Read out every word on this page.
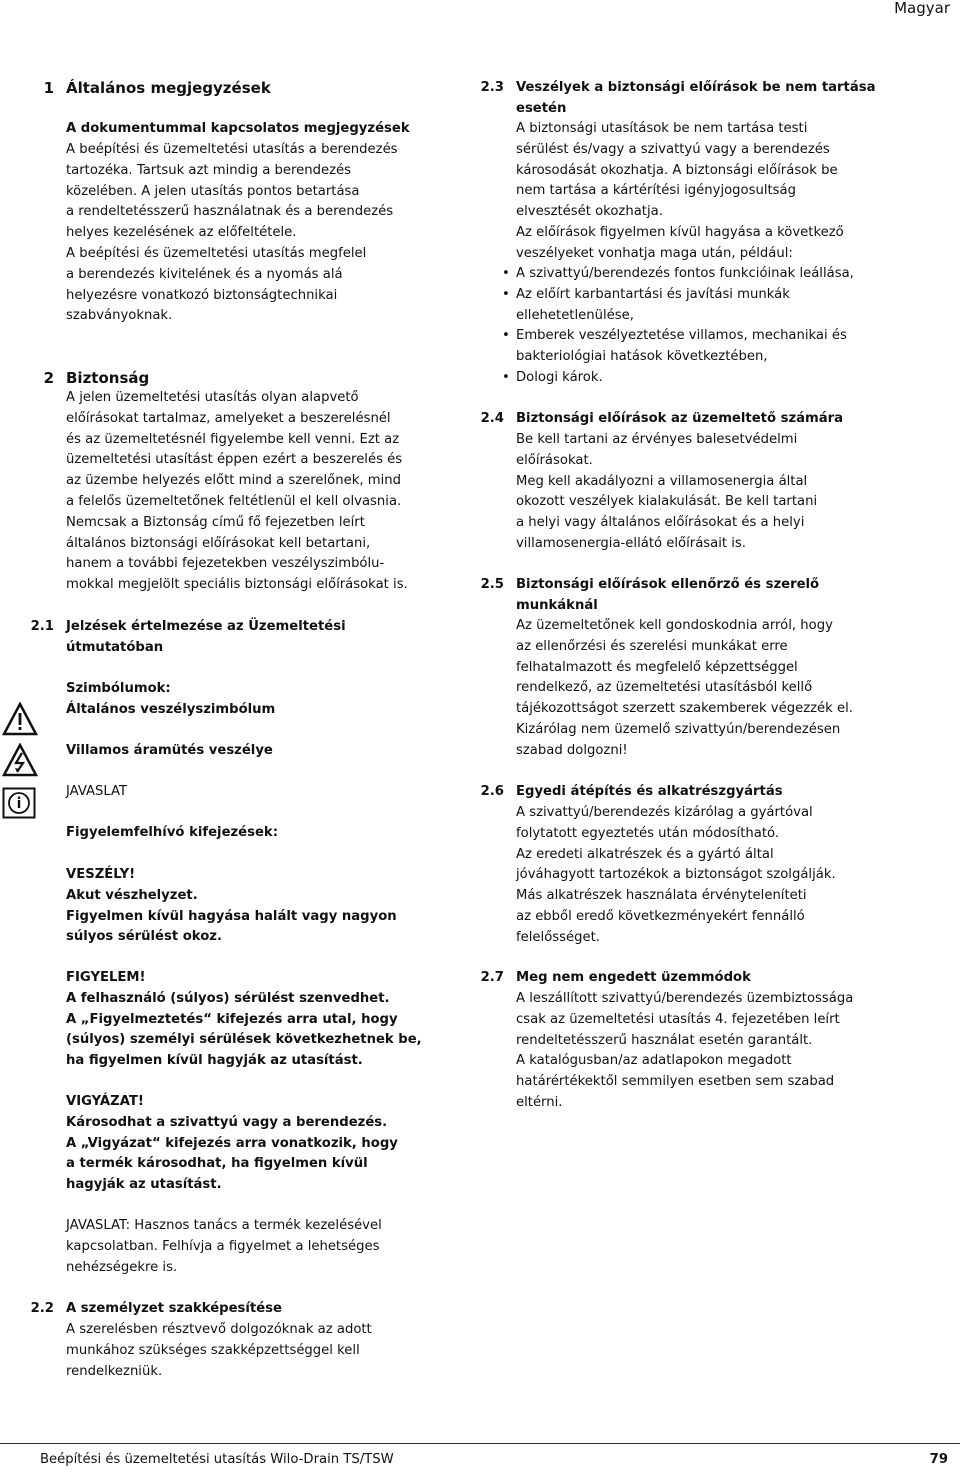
Magyar
1 Általános megjegyzések
A dokumentummal kapcsolatos megjegyzések
A beépítési és üzemeltetési utasítás a berendezés
tartozéka. Tartsuk azt mindig a berendezés
közelében. A jelen utasítás pontos betartása
a rendeltetésszerű használatnak és a berendezés
helyes kezelésének az előfeltétele.
A beépítési és üzemeltetési utasítás megfelel
a berendezés kivitelének és a nyomás alá
helyezésre vonatkozó biztonságtechnikai
szabványoknak.
2 Biztonság
A jelen üzemeltetési utasítás olyan alapvető
előírásokat tartalmaz, amelyeket a beszerelésnél
és az üzemeltetésnél figyelembe kell venni. Ezt az
üzemeltetési utasítást éppen ezért a beszerelés és
az üzembe helyezés előtt mind a szerelőnek, mind
a felelős üzemeltetőnek feltétlenül el kell olvasnia.
Nemcsak a Biztonság című fő fejezetben leírt
általános biztonsági előírásokat kell betartani,
hanem a további fejezetekben veszélyszimbólu-
mokkal megjelölt speciális biztonsági előírásokat is.
2.1 Jelzések értelmezése az Üzemeltetési
útmutatóban
Szimbólumok:
Általános veszélyszimbólum
Villamos áramütés veszélye
JAVASLAT
Figyelemfelhívó kifejezések:
VESZÉLY!
Akut vészhelyzet.
Figyelmen kívül hagyása halált vagy nagyon
súlyos sérülést okoz.
FIGYELEM!
A felhasználó (súlyos) sérülést szenvedhet.
A „Figyelmeztetés“ kifejezés arra utal, hogy
(súlyos) személyi sérülések következhetnek be,
ha figyelmen kívül hagyják az utasítást.
VIGYÁZAT!
Károsodhat a szivattyú vagy a berendezés.
A „Vigyázat“ kifejezés arra vonatkozik, hogy
a termék károsodhat, ha figyelmen kívül
hagyják az utasítást.
JAVASLAT: Hasznos tanács a termék kezelésével
kapcsolatban. Felhívja a figyelmet a lehetséges
nehézségekre is.
2.2 A személyzet szakképesítése
A szerelésben résztvevő dolgozóknak az adott
munkához szükséges szakképzettséggel kell
rendelkezniük.
2.3 Veszélyek a biztonsági előírások be nem tartása
esetén
A biztonsági utasítások be nem tartása testi
sérülést és/vagy a szivattyú vagy a berendezés
károsodását okozhatja. A biztonsági előírások be
nem tartása a kártérítési igényjogosultság
elvesztését okozhatja.
Az előírások figyelmen kívül hagyása a következő
veszélyeket vonhatja maga után, például:
• A szivattyú/berendezés fontos funkcióinak leállása,
• Az előírt karbantartási és javítási munkák
ellehetetlenülése,
• Emberek veszélyeztetése villamos, mechanikai és
bakteriológiai hatások következtében,
• Dologi károk.
2.4 Biztonsági előírások az üzemeltető számára
Be kell tartani az érvényes balesetvédelmi
előírásokat.
Meg kell akadályozni a villamosenergia által
okozott veszélyek kialakulását. Be kell tartani
a helyi vagy általános előírásokat és a helyi
villamosenergia-ellátó előírásait is.
2.5 Biztonsági előírások ellenőrző és szerelő
munkáknál
Az üzemeltetőnek kell gondoskodnia arról, hogy
az ellenőrzési és szerelési munkákat erre
felhatalmazott és megfelelő képzettséggel
rendelkező, az üzemeltetési utasításból kellő
tájékozottságot szerzett szakemberek végezzék el.
Kizárólag nem üzemelő szivattyún/berendezésen
szabad dolgozni!
2.6 Egyedi átépítés és alkatrészgyártás
A szivattyú/berendezés kizárólag a gyártóval
folytatott egyeztetés után módosítható.
Az eredeti alkatrészek és a gyártó által
jóváhagyott tartozékok a biztonságot szolgálják.
Más alkatrészek használata érvényteleníteti
az ebből eredő következményekért fennálló
felelősséget.
2.7 Meg nem engedett üzemmódok
A leszállított szivattyú/berendezés üzembiztossága
csak az üzemeltetési utasítás 4. fejezetében leírt
rendeltetésszerű használat esetén garantált.
A katalógusban/az adatlapokon megadott
határértékektől semmilyen esetben sem szabad
eltérni.
Beépítési és üzemeltetési utasítás Wilo-Drain TS/TSW	79
